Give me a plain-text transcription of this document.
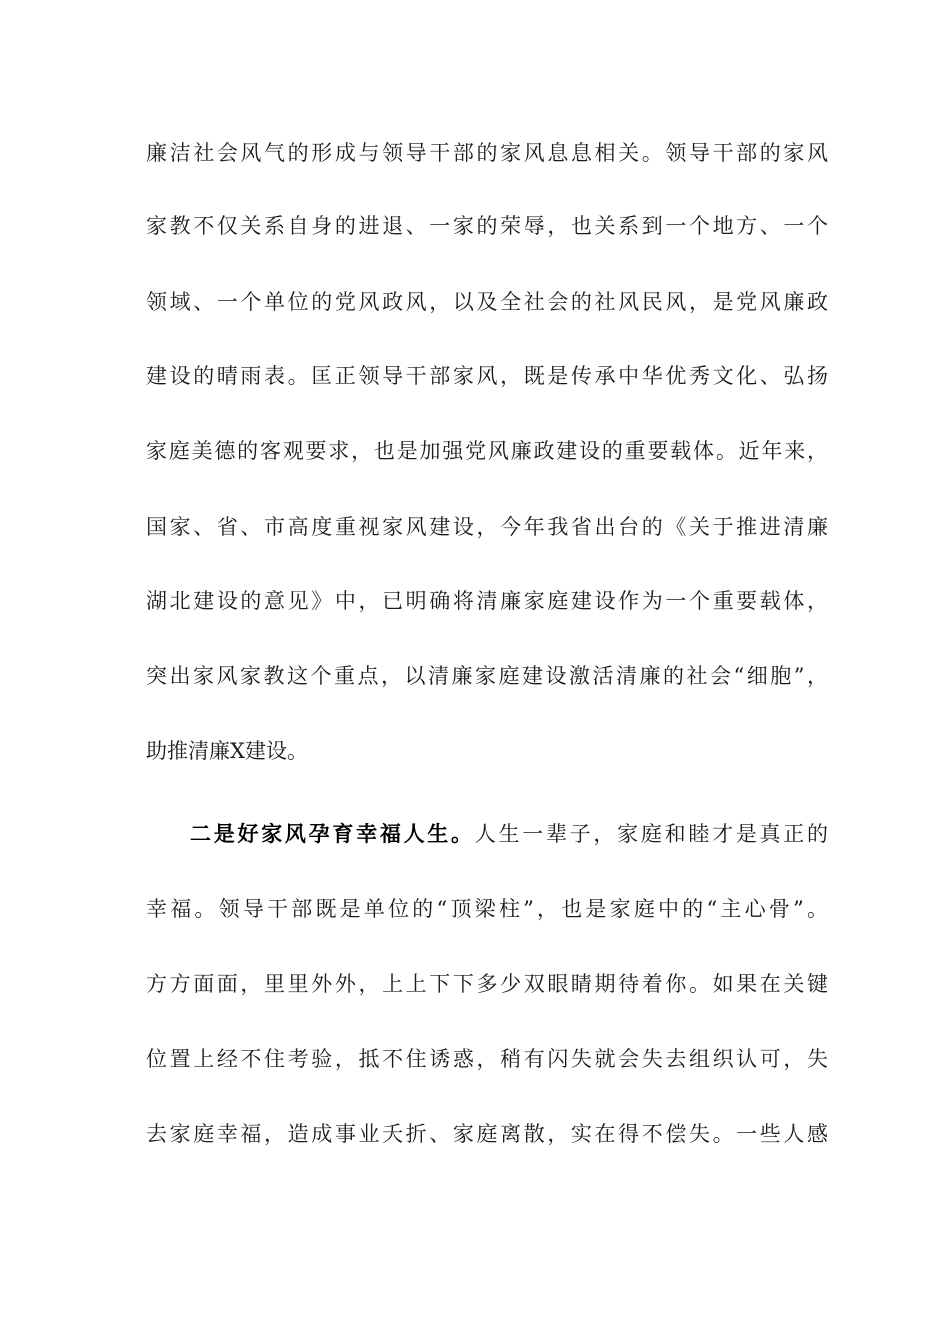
廉洁社会风气的形成与领导干部的家风息息相关。领导干部的家风
家教不仅关系自身的进退、一家的荣辱，也关系到一个地方、一个
领域、一个单位的党风政风，以及全社会的社风民风，是党风廉政
建设的晴雨表。匡正领导干部家风，既是传承中华优秀文化、弘扬
家庭美德的客观要求，也是加强党风廉政建设的重要载体。近年来，
国家、省、市高度重视家风建设，今年我省出台的《关于推进清廉
湖北建设的意见》中，已明确将清廉家庭建设作为一个重要载体，
突出家风家教这个重点，以清廉家庭建设激活清廉的社会“细胞”，
助推清廉X建设。
二是好家风孕育幸福人生。人生一辈子，家庭和睦才是真正的
幸福。领导干部既是单位的“顶梁柱”，也是家庭中的“主心骨”。
方方面面，里里外外，上上下下多少双眼睛期待着你。如果在关键
位置上经不住考验，抵不住诱惑，稍有闪失就会失去组织认可，失
去家庭幸福，造成事业夭折、家庭离散，实在得不偿失。一些人感
